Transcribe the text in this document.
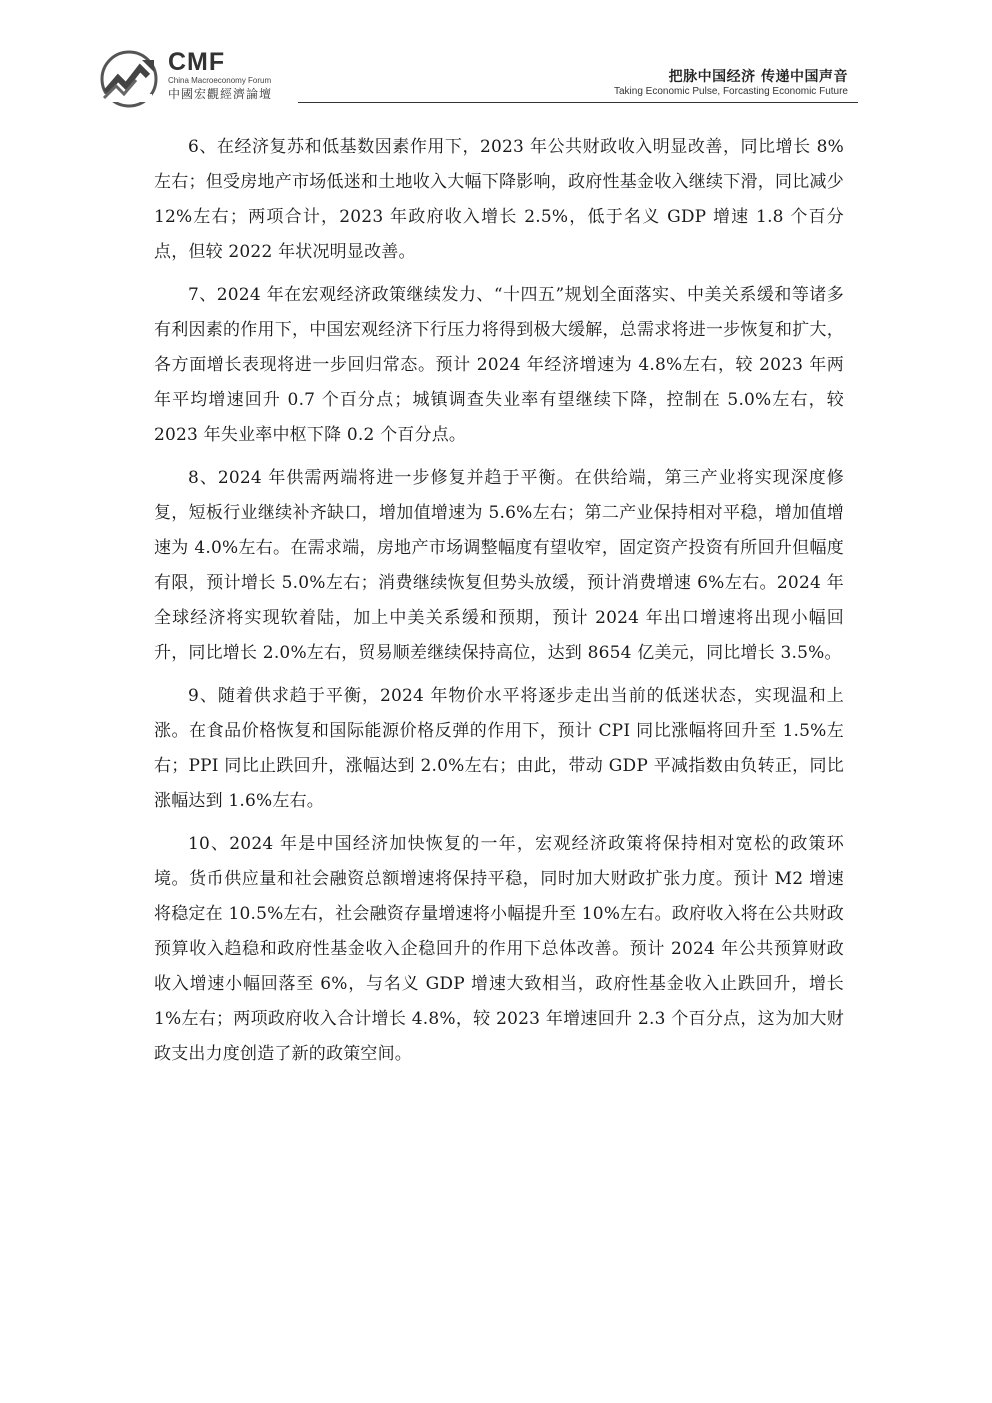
CMF
China Macroeconomy Forum
中國宏觀經濟論壇
把脉中国经济 传递中国声音
Taking Economic Pulse, Forcasting Economic Future

6、在经济复苏和低基数因素作用下，2023 年公共财政收入明显改善，同比增长 8%左右；但受房地产市场低迷和土地收入大幅下降影响，政府性基金收入继续下滑，同比减少 12%左右；两项合计，2023 年政府收入增长 2.5%，低于名义 GDP 增速 1.8 个百分点，但较 2022 年状况明显改善。

7、2024 年在宏观经济政策继续发力、“十四五”规划全面落实、中美关系缓和等诸多有利因素的作用下，中国宏观经济下行压力将得到极大缓解，总需求将进一步恢复和扩大，各方面增长表现将进一步回归常态。预计 2024 年经济增速为 4.8%左右，较 2023 年两年平均增速回升 0.7 个百分点；城镇调查失业率有望继续下降，控制在 5.0%左右，较 2023 年失业率中枢下降 0.2 个百分点。

8、2024 年供需两端将进一步修复并趋于平衡。在供给端，第三产业将实现深度修复，短板行业继续补齐缺口，增加值增速为 5.6%左右；第二产业保持相对平稳，增加值增速为 4.0%左右。在需求端，房地产市场调整幅度有望收窄，固定资产投资有所回升但幅度有限，预计增长 5.0%左右；消费继续恢复但势头放缓，预计消费增速 6%左右。2024 年全球经济将实现软着陆，加上中美关系缓和预期，预计 2024 年出口增速将出现小幅回升，同比增长 2.0%左右，贸易顺差继续保持高位，达到 8654 亿美元，同比增长 3.5%。

9、随着供求趋于平衡，2024 年物价水平将逐步走出当前的低迷状态，实现温和上涨。在食品价格恢复和国际能源价格反弹的作用下，预计 CPI 同比涨幅将回升至 1.5%左右；PPI 同比止跌回升，涨幅达到 2.0%左右；由此，带动 GDP 平减指数由负转正，同比涨幅达到 1.6%左右。

10、2024 年是中国经济加快恢复的一年，宏观经济政策将保持相对宽松的政策环境。货币供应量和社会融资总额增速将保持平稳，同时加大财政扩张力度。预计 M2 增速将稳定在 10.5%左右，社会融资存量增速将小幅提升至 10%左右。政府收入将在公共财政预算收入趋稳和政府性基金收入企稳回升的作用下总体改善。预计 2024 年公共预算财政收入增速小幅回落至 6%，与名义 GDP 增速大致相当，政府性基金收入止跌回升，增长 1%左右；两项政府收入合计增长 4.8%，较 2023 年增速回升 2.3 个百分点，这为加大财政支出力度创造了新的政策空间。
